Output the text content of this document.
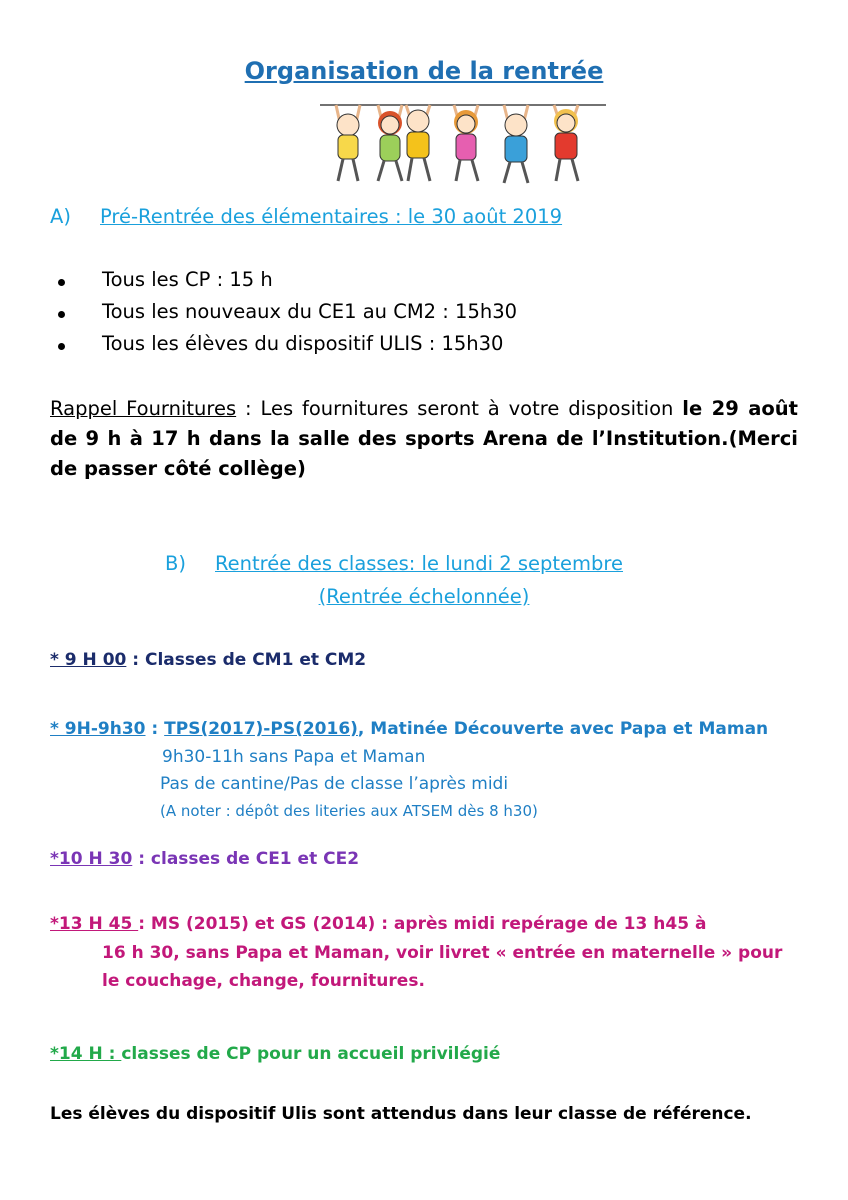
Organisation de la rentrée
A) Pré-Rentrée des élémentaires : le 30 août 2019
Tous les CP : 15 h
Tous les nouveaux du CE1 au CM2 : 15h30
Tous les élèves du dispositif ULIS : 15h30
Rappel Fournitures : Les fournitures seront à votre disposition le 29 août de 9 h à 17 h dans la salle des sports Arena de l’Institution.(Merci de passer côté collège)
B) Rentrée des classes: le lundi 2 septembre
(Rentrée échelonnée)
* 9 H 00 : Classes de CM1 et CM2
* 9H-9h30 : TPS(2017)-PS(2016), Matinée Découverte avec Papa et Maman
9h30-11h sans Papa et Maman
Pas de cantine/Pas de classe l’après midi
(A noter : dépôt des literies aux ATSEM dès 8 h30)
*10 H 30 : classes de CE1 et CE2
*13 H 45 : MS (2015) et GS (2014) : après midi repérage de 13 h45 à
16 h 30, sans Papa et Maman, voir livret « entrée en maternelle » pour
le couchage, change, fournitures.
*14 H : classes de CP pour un accueil privilégié
Les élèves du dispositif Ulis sont attendus dans leur classe de référence.
